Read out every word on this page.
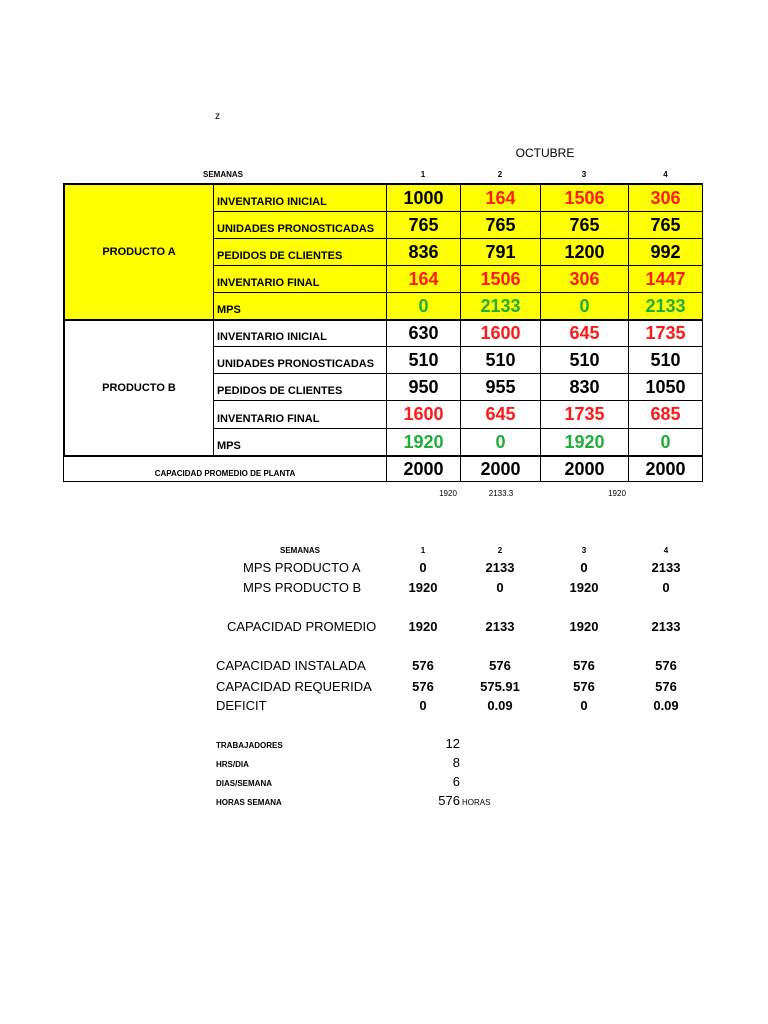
z
OCTUBRE
SEMANAS	1	2	3	4
PRODUCTO A
INVENTARIO INICIAL	1000	164	1506	306
UNIDADES PRONOSTICADAS	765	765	765	765
PEDIDOS DE CLIENTES	836	791	1200	992
INVENTARIO FINAL	164	1506	306	1447
MPS	0	2133	0	2133
PRODUCTO B
INVENTARIO INICIAL	630	1600	645	1735
UNIDADES PRONOSTICADAS	510	510	510	510
PEDIDOS DE CLIENTES	950	955	830	1050
INVENTARIO FINAL	1600	645	1735	685
MPS	1920	0	1920	0
CAPACIDAD PROMEDIO DE PLANTA	2000	2000	2000	2000
1920	2133.3	1920
SEMANAS	1	2	3	4
MPS PRODUCTO A	0	2133	0	2133
MPS PRODUCTO B	1920	0	1920	0
CAPACIDAD PROMEDIO	1920	2133	1920	2133
CAPACIDAD INSTALADA	576	576	576	576
CAPACIDAD REQUERIDA	576	575.91	576	576
DEFICIT	0	0.09	0	0.09
TRABAJADORES	12
HRS/DIA	8
DIAS/SEMANA	6
HORAS SEMANA	576 HORAS
